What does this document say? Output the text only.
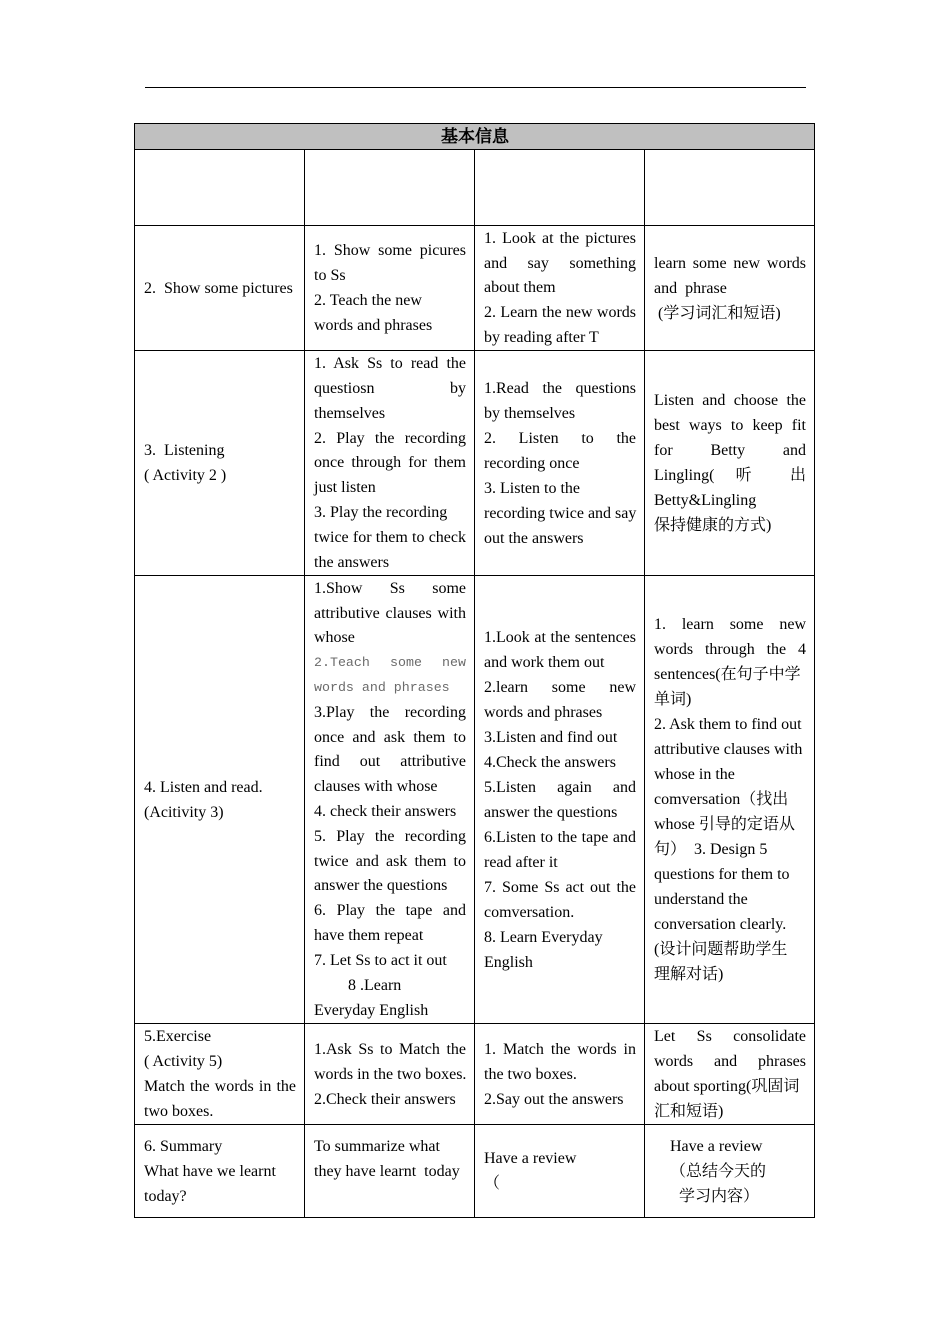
基本信息
2.  Show some pictures
1. Show some picures
to Ss
2. Teach the new
words and phrases
1. Look at the pictures
and say something
about them
2. Learn the new words
by reading after T
learn some new words
and  phrase
(学习词汇和短语)
3.  Listening
( Activity 2 )
1. Ask Ss to read the
questiosn by
themselves
2. Play the recording
once through for them
just listen
3. Play the recording
twice for them to check
the answers
1.Read the questions
by themselves
2. Listen to the
recording once
3. Listen to the
recording twice and say
out the answers
Listen and choose the
best ways to keep fit
for Betty and
Lingling( 听 出
Betty&Lingling
保持健康的方式)
4. Listen and read.
(Acitivity 3)
1.Show Ss some
attributive clauses with
whose
2.Teach some new
words and phrases
3.Play the recording
once and ask them to
find out attributive
clauses with whose
4. check their answers
5. Play the recording
twice and ask them to
answer the questions
6. Play the tape and
have them repeat
7. Let Ss to act it out
8 .Learn
Everyday English
1.Look at the sentences
and work them out
2.learn some new
words and phrases
3.Listen and find out
4.Check the answers
5.Listen again and
answer the questions
6.Listen to the tape and
read after it
7. Some Ss act out the
comversation.
8. Learn Everyday
English
1. learn some new
words through the 4
sentences(在句子中学
单词)
2. Ask them to find out
attributive clauses with
whose in the
comversation（找出
whose 引导的定语从
句）  3. Design 5
questions for them to
understand the
conversation clearly.
(设计问题帮助学生
理解对话)
5.Exercise
( Activity 5)
Match the words in the
two boxes.
1.Ask Ss to Match the
words in the two boxes.
2.Check their answers
1. Match the words in
the two boxes.
2.Say out the answers
Let Ss consolidate
words and phrases
about sporting(巩固词
汇和短语)
6. Summary
What have we learnt
today?
To summarize what
they have learnt  today
Have a review
（
Have a review
（总结今天的
学习内容）
